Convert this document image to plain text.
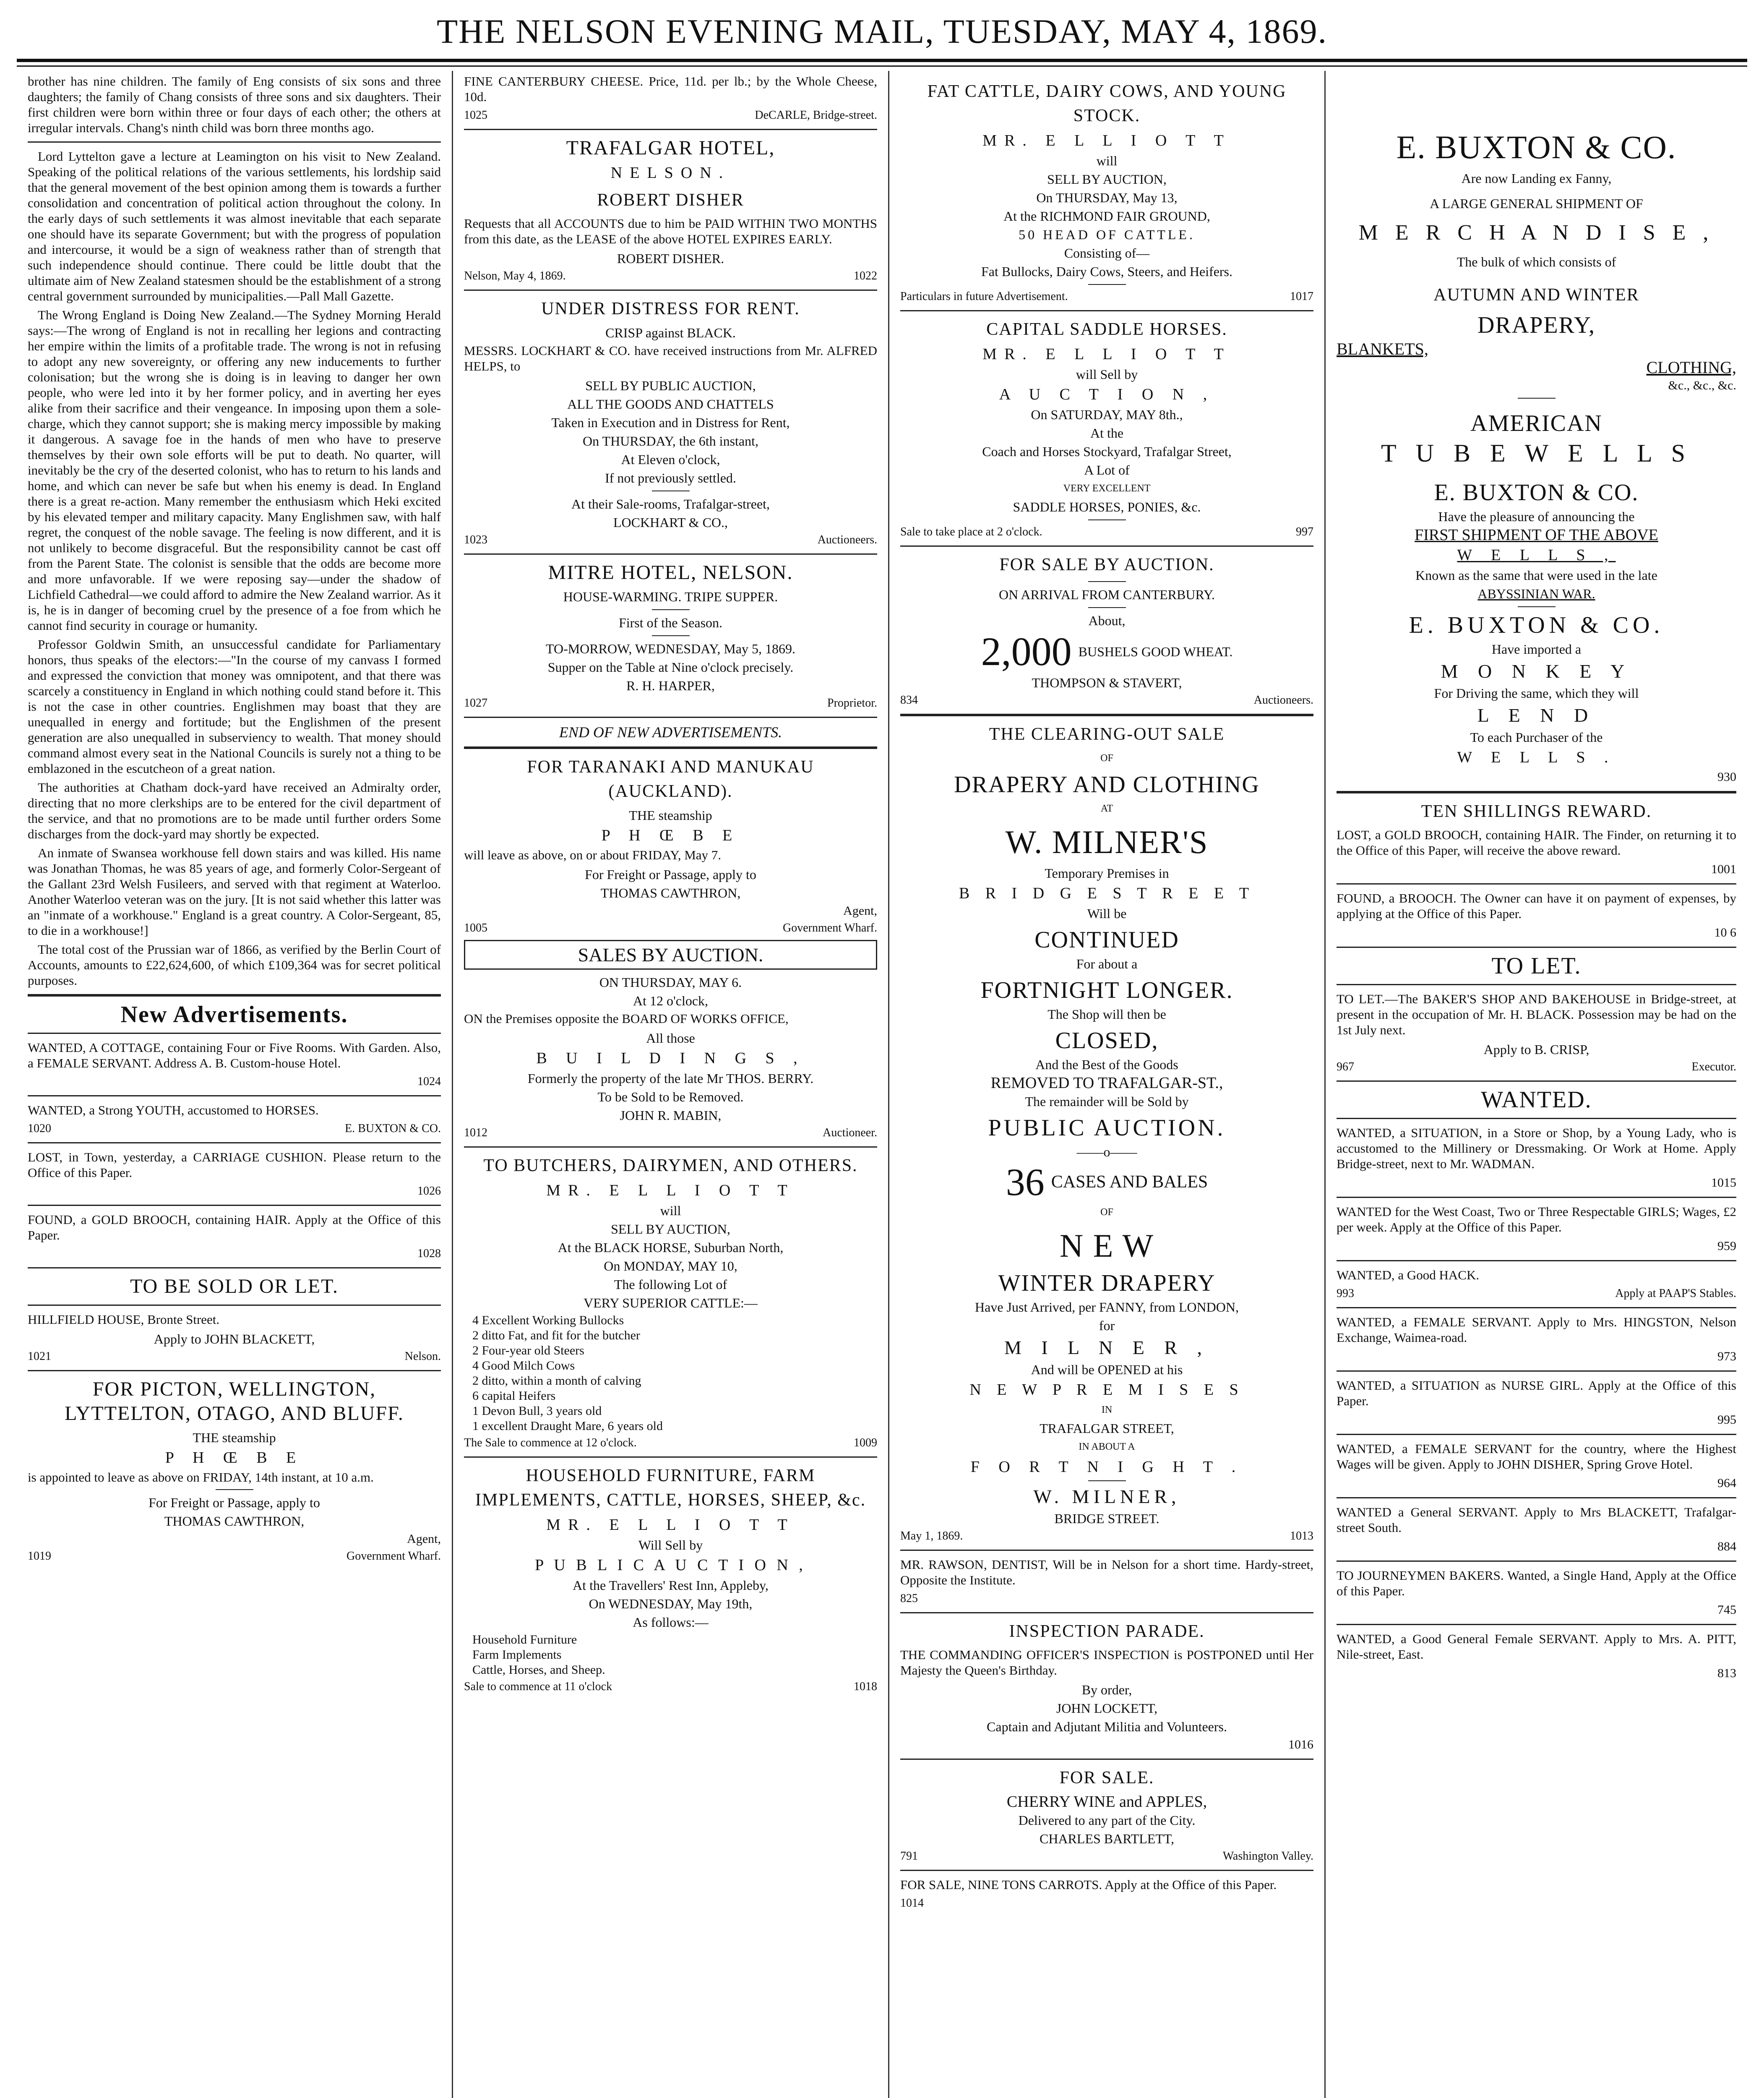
THE NELSON EVENING MAIL, TUESDAY, MAY 4, 1869.

brother has nine children. The family of Eng consists of six sons and three daughters; the family of Chang consists of three sons and six daughters. Their first children were born within three or four days of each other; the others at irregular intervals. Chang's ninth child was born three months ago.

Lord Lyttelton gave a lecture at Leamington on his visit to New Zealand. Speaking of the political relations of the various settlements, his lordship said that the general movement of the best opinion among them is towards a further consolidation and concentration of political action throughout the colony. In the early days of such settlements it was almost inevitable that each separate one should have its separate Government; but with the progress of population and intercourse, it would be a sign of weakness rather than of strength that such independence should continue. There could be little doubt that the ultimate aim of New Zealand statesmen should be the establishment of a strong central government surrounded by municipalities.—Pall Mall Gazette.

The Wrong England is Doing New Zealand.—The Sydney Morning Herald says:—The wrong of England is not in recalling her legions and contracting her empire within the limits of a profitable trade. The wrong is not in refusing to adopt any new sovereignty, or offering any new inducements to further colonisation; but the wrong she is doing is in leaving to danger her own people, who were led into it by her former policy, and in averting her eyes alike from their sacrifice and their vengeance. In imposing upon them a sole-charge, which they cannot support; she is making mercy impossible by making it dangerous. A savage foe in the hands of men who have to preserve themselves by their own sole efforts will be put to death. No quarter, will inevitably be the cry of the deserted colonist, who has to return to his lands and home, and which can never be safe but when his enemy is dead. In England there is a great re-action. Many remember the enthusiasm which Heki excited by his elevated temper and military capacity. Many Englishmen saw, with half regret, the conquest of the noble savage. The feeling is now different, and it is not unlikely to become disgraceful. But the responsibility cannot be cast off from the Parent State. The colonist is sensible that the odds are become more and more unfavorable. If we were reposing say—under the shadow of Lichfield Cathedral—we could afford to admire the New Zealand warrior. As it is, he is in danger of becoming cruel by the presence of a foe from which he cannot find security in courage or humanity.

Professor Goldwin Smith, an unsuccessful candidate for Parliamentary honors, thus speaks of the electors:—"In the course of my canvass I formed and expressed the conviction that money was omnipotent, and that there was scarcely a constituency in England in which nothing could stand before it. This is not the case in other countries. Englishmen may boast that they are unequalled in energy and fortitude; but the Englishmen of the present generation are also unequalled in subserviency to wealth. That money should command almost every seat in the National Councils is surely not a thing to be emblazoned in the escutcheon of a great nation.

The authorities at Chatham dock-yard have received an Admiralty order, directing that no more clerkships are to be entered for the civil department of the service, and that no promotions are to be made until further orders Some discharges from the dock-yard may shortly be expected.

An inmate of Swansea workhouse fell down stairs and was killed. His name was Jonathan Thomas, he was 85 years of age, and formerly Color-Sergeant of the Gallant 23rd Welsh Fusileers, and served with that regiment at Waterloo. Another Waterloo veteran was on the jury. [It is not said whether this latter was an "inmate of a workhouse." England is a great country. A Color-Sergeant, 85, to die in a workhouse!]

The total cost of the Prussian war of 1866, as verified by the Berlin Court of Accounts, amounts to £22,624,600, of which £109,364 was for secret political purposes.

New Advertisements.

WANTED, A COTTAGE, containing Four or Five Rooms. With Garden. Also, a FEMALE SERVANT. Address A. B. Custom-house Hotel.

1024

WANTED, a Strong YOUTH, accustomed to HORSES.

1020	E. BUXTON & CO.

LOST, in Town, yesterday, a CARRIAGE CUSHION. Please return to the Office of this Paper.

1026

FOUND, a GOLD BROOCH, containing HAIR. Apply at the Office of this Paper.

1028
TO BE SOLD OR LET.

HILLFIELD HOUSE, Bronte Street.

Apply to JOHN BLACKETT,
1021	Nelson.
FOR PICTON, WELLINGTON, LYTTELTON, OTAGO, AND BLUFF.
THE steamship
P H Œ B E

is appointed to leave as above on FRIDAY, 14th instant, at 10 a.m.

For Freight or Passage, apply to
THOMAS CAWTHRON,
Agent,
1019	Government Wharf.

FINE CANTERBURY CHEESE. Price, 11d. per lb.; by the Whole Cheese, 10d.

1025	DeCARLE, Bridge-street.
TRAFALGAR HOTEL,
NELSON.
ROBERT DISHER

Requests that all ACCOUNTS due to him be PAID WITHIN TWO MONTHS from this date, as the LEASE of the above HOTEL EXPIRES EARLY.

ROBERT DISHER.
Nelson, May 4, 1869.	1022
UNDER DISTRESS FOR RENT.
CRISP against BLACK.

MESSRS. LOCKHART & CO. have received instructions from Mr. ALFRED HELPS, to

SELL BY PUBLIC AUCTION,
ALL THE GOODS AND CHATTELS
Taken in Execution and in Distress for Rent,
On THURSDAY, the 6th instant,
At Eleven o'clock,
If not previously settled.
At their Sale-rooms, Trafalgar-street,
LOCKHART & CO.,
1023	Auctioneers.
MITRE HOTEL, NELSON.
HOUSE-WARMING. TRIPE SUPPER.
First of the Season.
TO-MORROW, WEDNESDAY, May 5, 1869.
Supper on the Table at Nine o'clock precisely.
R. H. HARPER,
1027	Proprietor.
END OF NEW ADVERTISEMENTS.
FOR TARANAKI AND MANUKAU (AUCKLAND).
THE steamship
P H Œ B E

will leave as above, on or about FRIDAY, May 7.

For Freight or Passage, apply to
THOMAS CAWTHRON,
Agent,
1005	Government Wharf.
SALES BY AUCTION.
ON THURSDAY, MAY 6.
At 12 o'clock,

ON the Premises opposite the BOARD OF WORKS OFFICE,

All those
B U I L D I N G S ,
Formerly the property of the late Mr THOS. BERRY.
To be Sold to be Removed.
JOHN R. MABIN,
1012	Auctioneer.
TO BUTCHERS, DAIRYMEN, AND OTHERS.
MR. E L L I O T T
will
SELL BY AUCTION,
At the BLACK HORSE, Suburban North,
On MONDAY, MAY 10,
The following Lot of
VERY SUPERIOR CATTLE:—
4 Excellent Working Bullocks
2 ditto Fat, and fit for the butcher
2 Four-year old Steers
4 Good Milch Cows
2 ditto, within a month of calving
6 capital Heifers
1 Devon Bull, 3 years old
1 excellent Draught Mare, 6 years old
The Sale to commence at 12 o'clock.	1009
HOUSEHOLD FURNITURE, FARM IMPLEMENTS, CATTLE, HORSES, SHEEP, &c.
MR. E L L I O T T
Will Sell by
P U B L I C A U C T I O N ,
At the Travellers' Rest Inn, Appleby,
On WEDNESDAY, May 19th,
As follows:—
Household Furniture
Farm Implements
Cattle, Horses, and Sheep.
Sale to commence at 11 o'clock	1018
FAT CATTLE, DAIRY COWS, AND YOUNG STOCK.
MR. E L L I O T T
will
SELL BY AUCTION,
On THURSDAY, May 13,
At the RICHMOND FAIR GROUND,
50 HEAD OF CATTLE.
Consisting of—
Fat Bullocks, Dairy Cows, Steers, and Heifers.
Particulars in future Advertisement.	1017
CAPITAL SADDLE HORSES.
MR. E L L I O T T
will Sell by
A U C T I O N ,
On SATURDAY, MAY 8th.,
At the
Coach and Horses Stockyard, Trafalgar Street,
A Lot of
VERY EXCELLENT
SADDLE HORSES, PONIES, &c.
Sale to take place at 2 o'clock.	997
FOR SALE BY AUCTION.
ON ARRIVAL FROM CANTERBURY.
About,
2,000 BUSHELS GOOD WHEAT.
THOMPSON & STAVERT,
834	Auctioneers.
THE CLEARING-OUT SALE
OF
DRAPERY AND CLOTHING
AT
W. MILNER'S
Temporary Premises in
B R I D G E S T R E E T
Will be
CONTINUED
For about a
FORTNIGHT LONGER.
The Shop will then be
CLOSED,
And the Best of the Goods
REMOVED TO TRAFALGAR-ST.,
The remainder will be Sold by
PUBLIC AUCTION.
——o——
36 CASES AND BALES
OF
N E W
WINTER DRAPERY
Have Just Arrived, per FANNY, from LONDON,
for
M I L N E R ,
And will be OPENED at his
N E W P R E M I S E S
IN
TRAFALGAR STREET,
IN ABOUT A
F O R T N I G H T .
W. MILNER,
BRIDGE STREET.
May 1, 1869.	1013

MR. RAWSON, DENTIST, Will be in Nelson for a short time. Hardy-street, Opposite the Institute.

825
INSPECTION PARADE.

THE COMMANDING OFFICER'S INSPECTION is POSTPONED until Her Majesty the Queen's Birthday.

By order,
JOHN LOCKETT,
Captain and Adjutant Militia and Volunteers.
1016
FOR SALE.
CHERRY WINE and APPLES,
Delivered to any part of the City.
CHARLES BARTLETT,
791	Washington Valley.

FOR SALE, NINE TONS CARROTS. Apply at the Office of this Paper.

1014
E. BUXTON & CO.
Are now Landing ex Fanny,
A LARGE GENERAL SHIPMENT OF
M E R C H A N D I S E ,
The bulk of which consists of
AUTUMN AND WINTER
DRAPERY,
BLANKETS,
CLOTHING,
&c., &c., &c.
AMERICAN
T U B E W E L L S
E. BUXTON & CO.
Have the pleasure of announcing the
FIRST SHIPMENT OF THE ABOVE
W E L L S ,
Known as the same that were used in the late
ABYSSINIAN WAR.
E. BUXTON & CO.
Have imported a
M O N K E Y
For Driving the same, which they will
L E N D
To each Purchaser of the
W E L L S .
930
TEN SHILLINGS REWARD.

LOST, a GOLD BROOCH, containing HAIR. The Finder, on returning it to the Office of this Paper, will receive the above reward.

1001

FOUND, a BROOCH. The Owner can have it on payment of expenses, by applying at the Office of this Paper.

10 6
TO LET.

TO LET.—The BAKER'S SHOP AND BAKEHOUSE in Bridge-street, at present in the occupation of Mr. H. BLACK. Possession may be had on the 1st July next.

Apply to B. CRISP,
967	Executor.
WANTED.

WANTED, a SITUATION, in a Store or Shop, by a Young Lady, who is accustomed to the Millinery or Dressmaking. Or Work at Home. Apply Bridge-street, next to Mr. WADMAN.

1015

WANTED for the West Coast, Two or Three Respectable GIRLS; Wages, £2 per week. Apply at the Office of this Paper.

959

WANTED, a Good HACK.

993	Apply at PAAP'S Stables.

WANTED, a FEMALE SERVANT. Apply to Mrs. HINGSTON, Nelson Exchange, Waimea-road.

973

WANTED, a SITUATION as NURSE GIRL. Apply at the Office of this Paper.

995

WANTED, a FEMALE SERVANT for the country, where the Highest Wages will be given. Apply to JOHN DISHER, Spring Grove Hotel.

964

WANTED a General SERVANT. Apply to Mrs BLACKETT, Trafalgar-street South.

884

TO JOURNEYMEN BAKERS. Wanted, a Single Hand, Apply at the Office of this Paper.

745

WANTED, a Good General Female SERVANT. Apply to Mrs. A. PITT, Nile-street, East.

813
